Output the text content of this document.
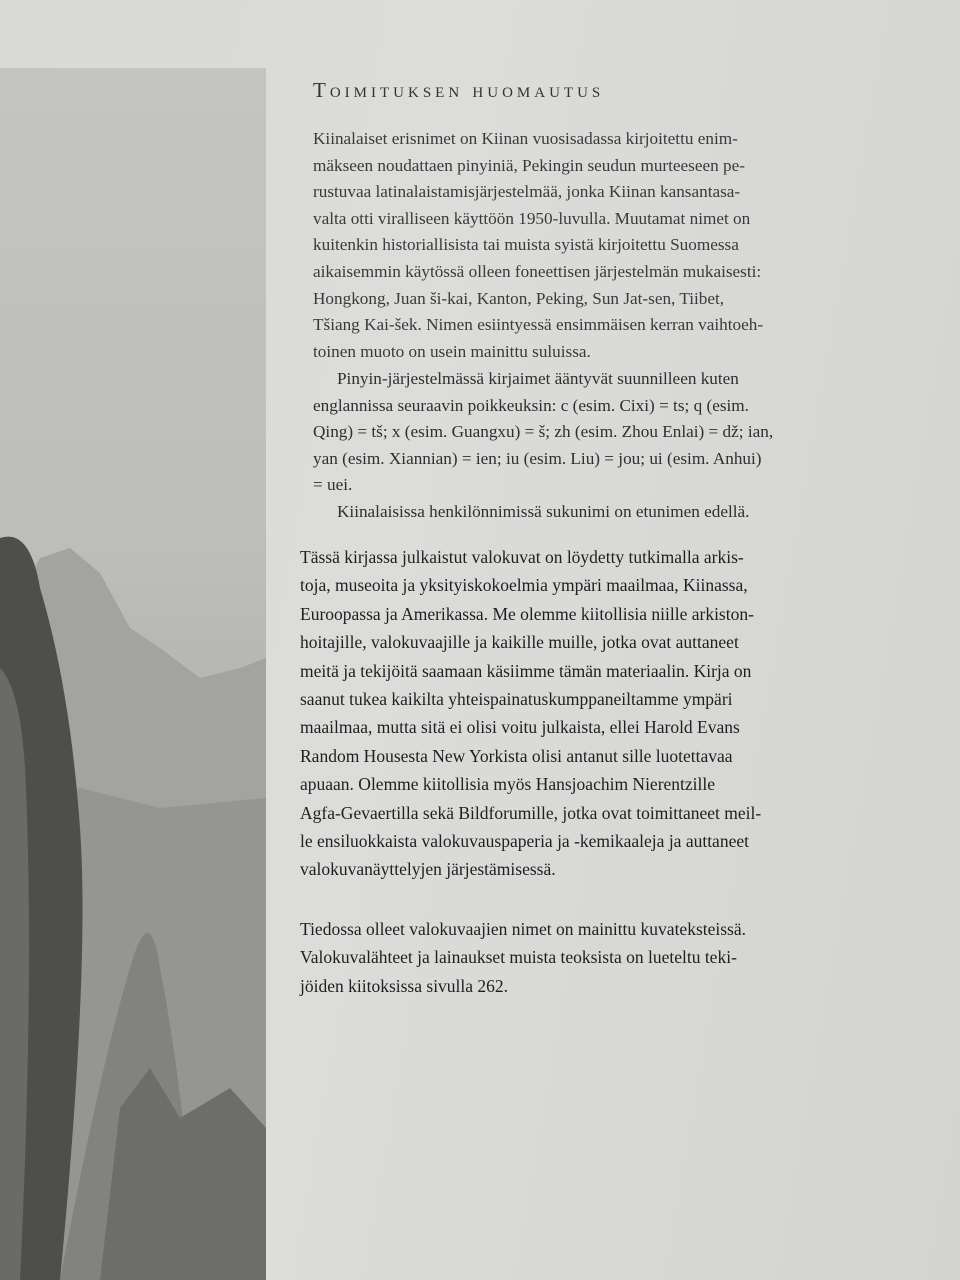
Toimituksen huomautus
Kiinalaiset erisnimet on Kiinan vuosisadassa kirjoitettu enim-
mäkseen noudattaen pinyiniä, Pekingin seudun murteeseen pe-
rustuvaa latinalaistamisjärjestelmää, jonka Kiinan kansantasa-
valta otti viralliseen käyttöön 1950-luvulla. Muutamat nimet on
kuitenkin historiallisista tai muista syistä kirjoitettu Suomessa
aikaisemmin käytössä olleen foneettisen järjestelmän mukaisesti:
Hongkong, Juan ši-kai, Kanton, Peking, Sun Jat-sen, Tiibet,
Tšiang Kai-šek. Nimen esiintyessä ensimmäisen kerran vaihtoeh-
toinen muoto on usein mainittu suluissa.
Pinyin-järjestelmässä kirjaimet ääntyvät suunnilleen kuten
englannissa seuraavin poikkeuksin: c (esim. Cixi) = ts; q (esim.
Qing) = tš; x (esim. Guangxu) = š; zh (esim. Zhou Enlai) = dž; ian,
yan (esim. Xiannian) = ien; iu (esim. Liu) = jou; ui (esim. Anhui)
= uei.
Kiinalaisissa henkilönnimissä sukunimi on etunimen edellä.
Tässä kirjassa julkaistut valokuvat on löydetty tutkimalla arkis-
toja, museoita ja yksityiskokoelmia ympäri maailmaa, Kiinassa,
Euroopassa ja Amerikassa. Me olemme kiitollisia niille arkiston-
hoitajille, valokuvaajille ja kaikille muille, jotka ovat auttaneet
meitä ja tekijöitä saamaan käsiimme tämän materiaalin. Kirja on
saanut tukea kaikilta yhteispainatuskumppaneiltamme ympäri
maailmaa, mutta sitä ei olisi voitu julkaista, ellei Harold Evans
Random Housesta New Yorkista olisi antanut sille luotettavaa
apuaan. Olemme kiitollisia myös Hansjoachim Nierentzille
Agfa-Gevaertilla sekä Bildforumille, jotka ovat toimittaneet meil-
le ensiluokkaista valokuvauspaperia ja -kemikaaleja ja auttaneet
valokuvanäyttelyjen järjestämisessä.
Tiedossa olleet valokuvaajien nimet on mainittu kuvateksteissä.
Valokuvalähteet ja lainaukset muista teoksista on lueteltu teki-
jöiden kiitoksissa sivulla 262.
